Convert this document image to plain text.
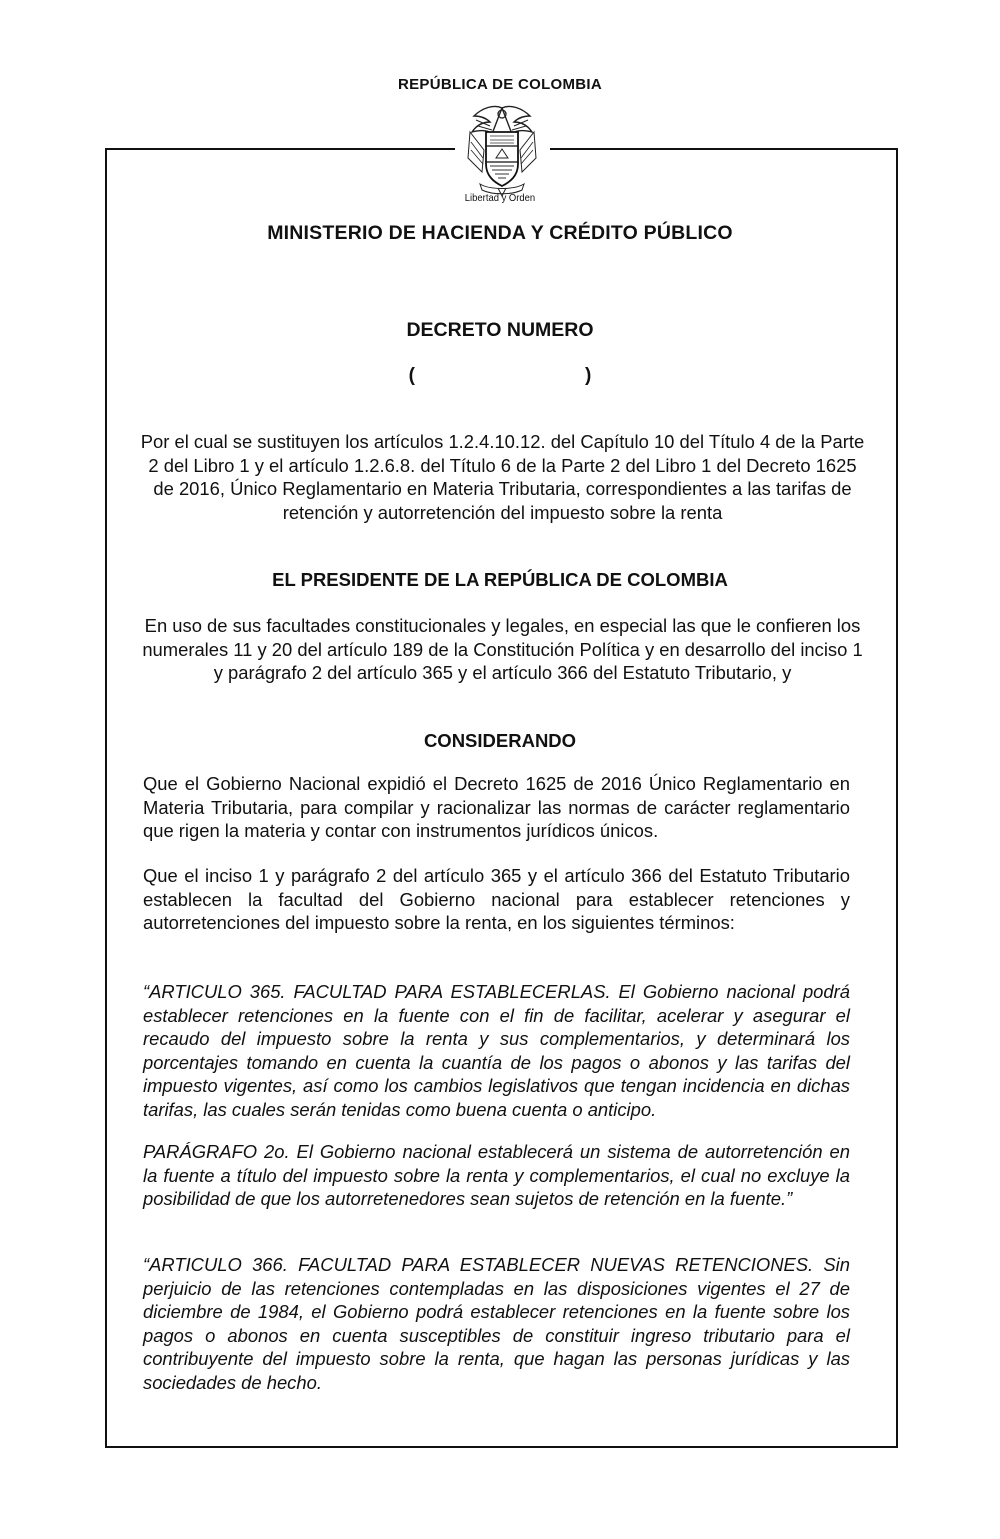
REPÚBLICA DE COLOMBIA
Libertad y Orden
MINISTERIO DE HACIENDA Y CRÉDITO PÚBLICO
DECRETO NUMERO
(	)
Por el cual se sustituyen los artículos 1.2.4.10.12. del Capítulo 10 del Título 4 de la Parte 2 del Libro 1 y el artículo 1.2.6.8. del Título 6 de la Parte 2 del Libro 1 del Decreto 1625 de 2016, Único Reglamentario en Materia Tributaria, correspondientes a las tarifas de retención y autorretención del impuesto sobre la renta
EL PRESIDENTE DE LA REPÚBLICA DE COLOMBIA
En uso de sus facultades constitucionales y legales, en especial las que le confieren los numerales 11 y 20 del artículo 189 de la Constitución Política y en desarrollo del inciso 1 y parágrafo 2 del artículo 365 y el artículo 366 del Estatuto Tributario, y
CONSIDERANDO

Que el Gobierno Nacional expidió el Decreto 1625 de 2016 Único Reglamentario en Materia Tributaria, para compilar y racionalizar las normas de carácter reglamentario que rigen la materia y contar con instrumentos jurídicos únicos.

Que el inciso 1 y parágrafo 2 del artículo 365 y el artículo 366 del Estatuto Tributario establecen la facultad del Gobierno nacional para establecer retenciones y autorretenciones del impuesto sobre la renta, en los siguientes términos:

“ARTICULO 365. FACULTAD PARA ESTABLECERLAS. El Gobierno nacional podrá establecer retenciones en la fuente con el fin de facilitar, acelerar y asegurar el recaudo del impuesto sobre la renta y sus complementarios, y determinará los porcentajes tomando en cuenta la cuantía de los pagos o abonos y las tarifas del impuesto vigentes, así como los cambios legislativos que tengan incidencia en dichas tarifas, las cuales serán tenidas como buena cuenta o anticipo.

PARÁGRAFO 2o. El Gobierno nacional establecerá un sistema de autorretención en la fuente a título del impuesto sobre la renta y complementarios, el cual no excluye la posibilidad de que los autorretenedores sean sujetos de retención en la fuente.”

“ARTICULO 366. FACULTAD PARA ESTABLECER NUEVAS RETENCIONES. Sin perjuicio de las retenciones contempladas en las disposiciones vigentes el 27 de diciembre de 1984, el Gobierno podrá establecer retenciones en la fuente sobre los pagos o abonos en cuenta susceptibles de constituir ingreso tributario para el contribuyente del impuesto sobre la renta, que hagan las personas jurídicas y las sociedades de hecho.
